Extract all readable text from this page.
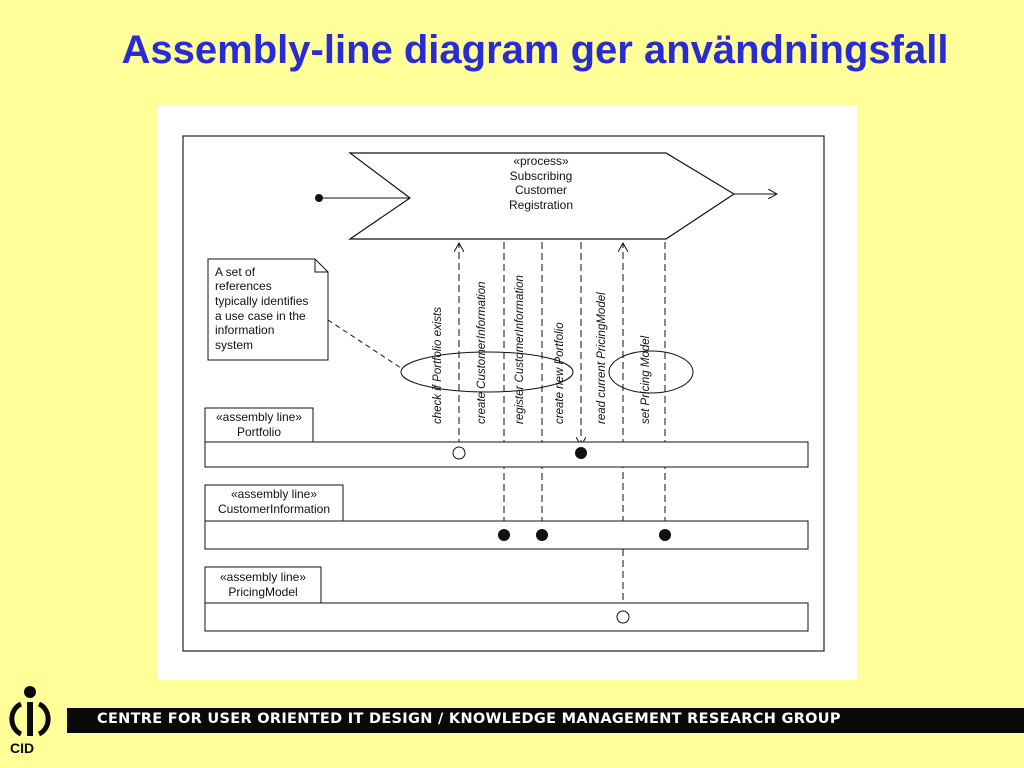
Assembly-line diagram ger användningsfall
«process»
Subscribing
Customer
Registration
A set of
references
typically identifies
a use case in the
information
system	check if Portfolio exists	create CustomerInformation register CustomerInformation create new Portfolio	read current PricingModel	set Pricing Model
«assembly line»
Portfolio
«assembly line»
CustomerInformation
«assembly line»
PricingModel
CID
CENTRE FOR USER ORIENTED IT DESIGN / KNOWLEDGE MANAGEMENT RESEARCH GROUP
